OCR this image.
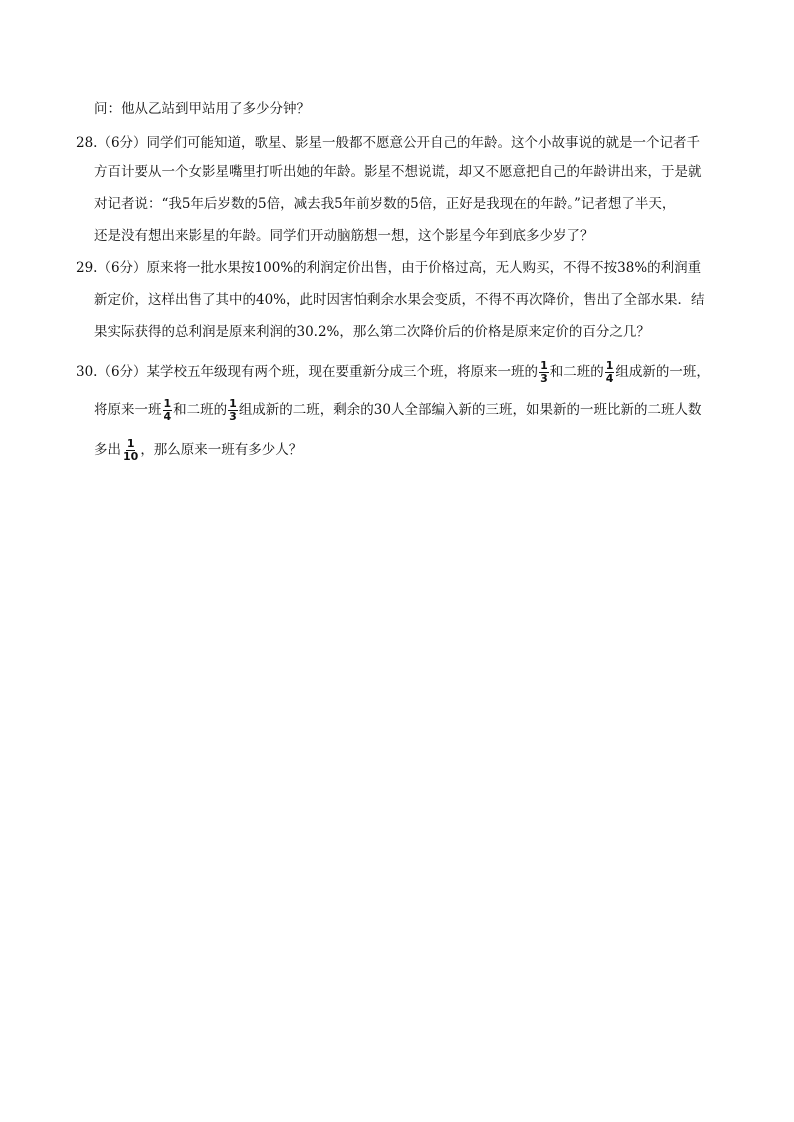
问：他从乙站到甲站用了多少分钟？
28.（6分）同学们可能知道，歌星、影星一般都不愿意公开自己的年龄。这个小故事说的就是一个记者千
方百计要从一个女影星嘴里打听出她的年龄。影星不想说谎，却又不愿意把自己的年龄讲出来，于是就
对记者说：“我5年后岁数的5倍，减去我5年前岁数的5倍，正好是我现在的年龄。”记者想了半天，
还是没有想出来影星的年龄。同学们开动脑筋想一想，这个影星今年到底多少岁了？
29.（6分）原来将一批水果按100%的利润定价出售，由于价格过高，无人购买，不得不按38%的利润重
新定价，这样出售了其中的40%，此时因害怕剩余水果会变质，不得不再次降价，售出了全部水果．结
果实际获得的总利润是原来利润的30.2%，那么第二次降价后的价格是原来定价的百分之几？
30.（6分）某学校五年级现有两个班，现在要重新分成三个班，将原来一班的 $\frac{1}{3}$ 和二班的 $\frac{1}{4}$ 组成新的一班，
将原来一班 $\frac{1}{4}$ 和二班的 $\frac{1}{3}$ 组成新的二班，剩余的30人全部编入新的三班，如果新的一班比新的二班人数
多出 $\frac{1}{10}$ ，那么原来一班有多少人？
